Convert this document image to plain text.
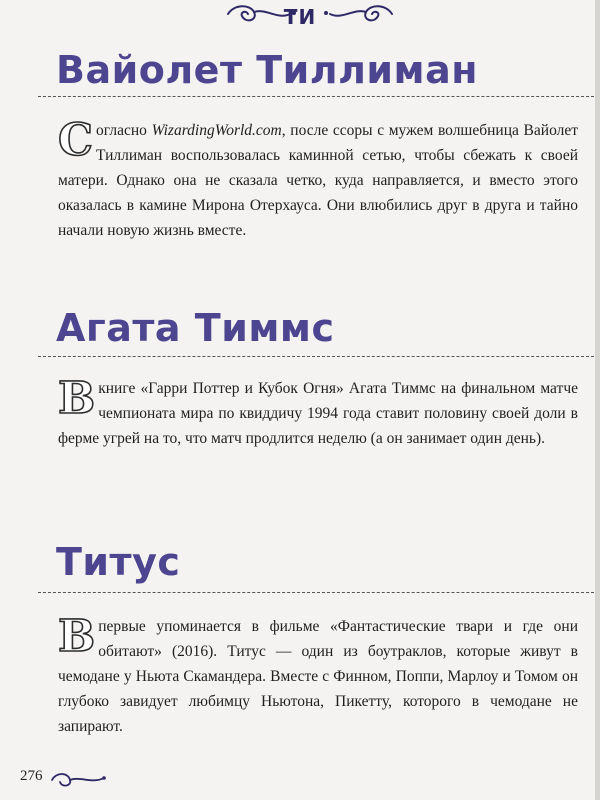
ТИ
Вайолет Тиллиман

Согласно WizardingWorld.com, после ссоры с мужем волшебница Вайолет Тиллиман воспользовалась каминной сетью, чтобы сбежать к своей матери. Однако она не сказала четко, куда направляется, и вместо этого оказалась в камине Мирона Отерхауса. Они влюбились друг в друга и тайно начали новую жизнь вместе.

Агата Тиммс

В книге «Гарри Поттер и Кубок Огня» Агата Тиммс на финальном матче чемпионата мира по квиддичу 1994 года ставит половину своей доли в ферме угрей на то, что матч продлится неделю (а он занимает один день).

Титус

Впервые упоминается в фильме «Фантастические твари и где они обитают» (2016). Титус — один из боутраклов, которые живут в чемодане у Ньюта Скамандера. Вместе с Финном, Поппи, Марлоу и Томом он глубоко завидует любимцу Ньютона, Пикетту, которого в чемодане не запирают.

276
